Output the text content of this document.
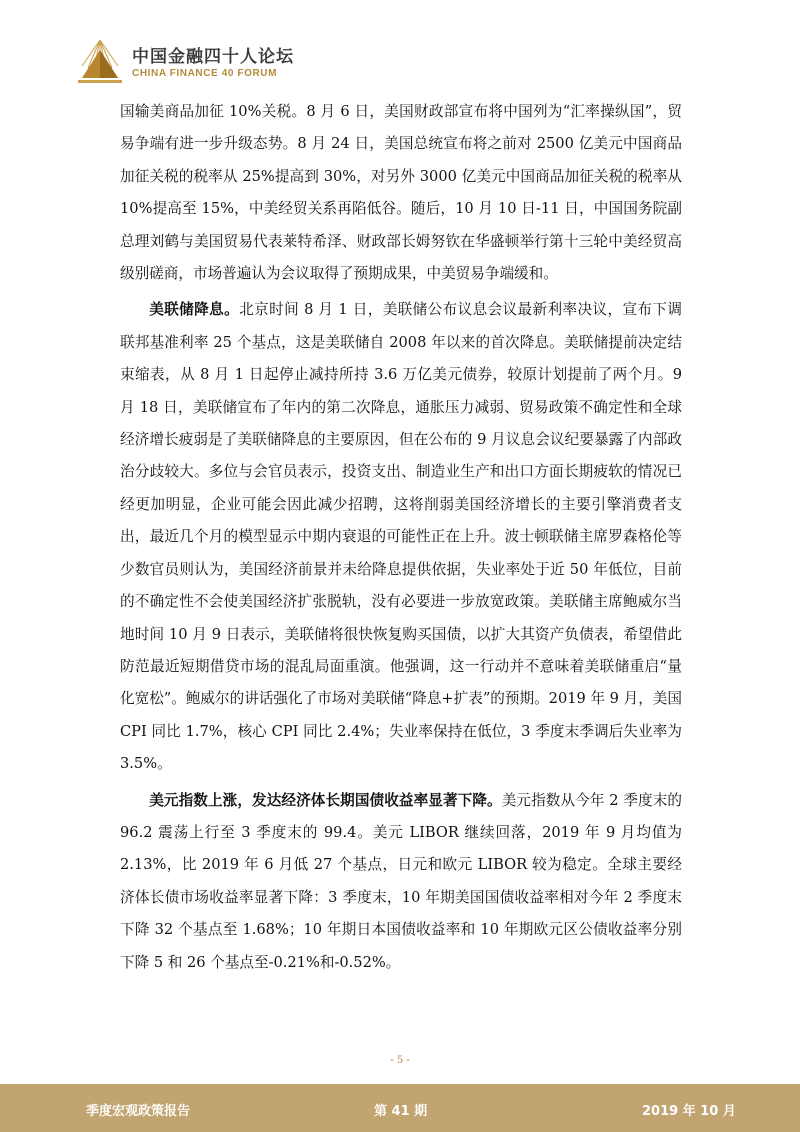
中国金融四十人论坛
CHINA FINANCE 40 FORUM

国输美商品加征 10%关税。8 月 6 日，美国财政部宣布将中国列为“汇率操纵国”，贸易争端有进一步升级态势。8 月 24 日，美国总统宣布将之前对 2500 亿美元中国商品加征关税的税率从 25%提高到 30%，对另外 3000 亿美元中国商品加征关税的税率从 10%提高至 15%，中美经贸关系再陷低谷。随后，10 月 10 日-11 日，中国国务院副总理刘鹤与美国贸易代表莱特希泽、财政部长姆努钦在华盛顿举行第十三轮中美经贸高级别磋商，市场普遍认为会议取得了预期成果，中美贸易争端缓和。

美联储降息。北京时间 8 月 1 日，美联储公布议息会议最新利率决议，宣布下调联邦基准利率 25 个基点，这是美联储自 2008 年以来的首次降息。美联储提前决定结束缩表，从 8 月 1 日起停止减持所持 3.6 万亿美元债券，较原计划提前了两个月。9 月 18 日，美联储宣布了年内的第二次降息，通胀压力减弱、贸易政策不确定性和全球经济增长疲弱是了美联储降息的主要原因，但在公布的 9 月议息会议纪要暴露了内部政治分歧较大。多位与会官员表示，投资支出、制造业生产和出口方面长期疲软的情况已经更加明显，企业可能会因此减少招聘，这将削弱美国经济增长的主要引擎消费者支出，最近几个月的模型显示中期内衰退的可能性正在上升。波士顿联储主席罗森格伦等少数官员则认为，美国经济前景并未给降息提供依据，失业率处于近 50 年低位，目前的不确定性不会使美国经济扩张脱轨，没有必要进一步放宽政策。美联储主席鲍威尔当地时间 10 月 9 日表示，美联储将很快恢复购买国债，以扩大其资产负债表，希望借此防范最近短期借贷市场的混乱局面重演。他强调，这一行动并不意味着美联储重启“量化宽松”。鲍威尔的讲话强化了市场对美联储“降息+扩表”的预期。2019 年 9 月，美国 CPI 同比 1.7%，核心 CPI 同比 2.4%；失业率保持在低位，3 季度末季调后失业率为 3.5%。

美元指数上涨，发达经济体长期国债收益率显著下降。美元指数从今年 2 季度末的 96.2 震荡上行至 3 季度末的 99.4。美元 LIBOR 继续回落，2019 年 9 月均值为 2.13%，比 2019 年 6 月低 27 个基点，日元和欧元 LIBOR 较为稳定。全球主要经济体长债市场收益率显著下降：3 季度末，10 年期美国国债收益率相对今年 2 季度末下降 32 个基点至 1.68%；10 年期日本国债收益率和 10 年期欧元区公债收益率分别下降 5 和 26 个基点至-0.21%和-0.52%。

- 5 -
季度宏观政策报告	第 41 期	2019 年 10 月
